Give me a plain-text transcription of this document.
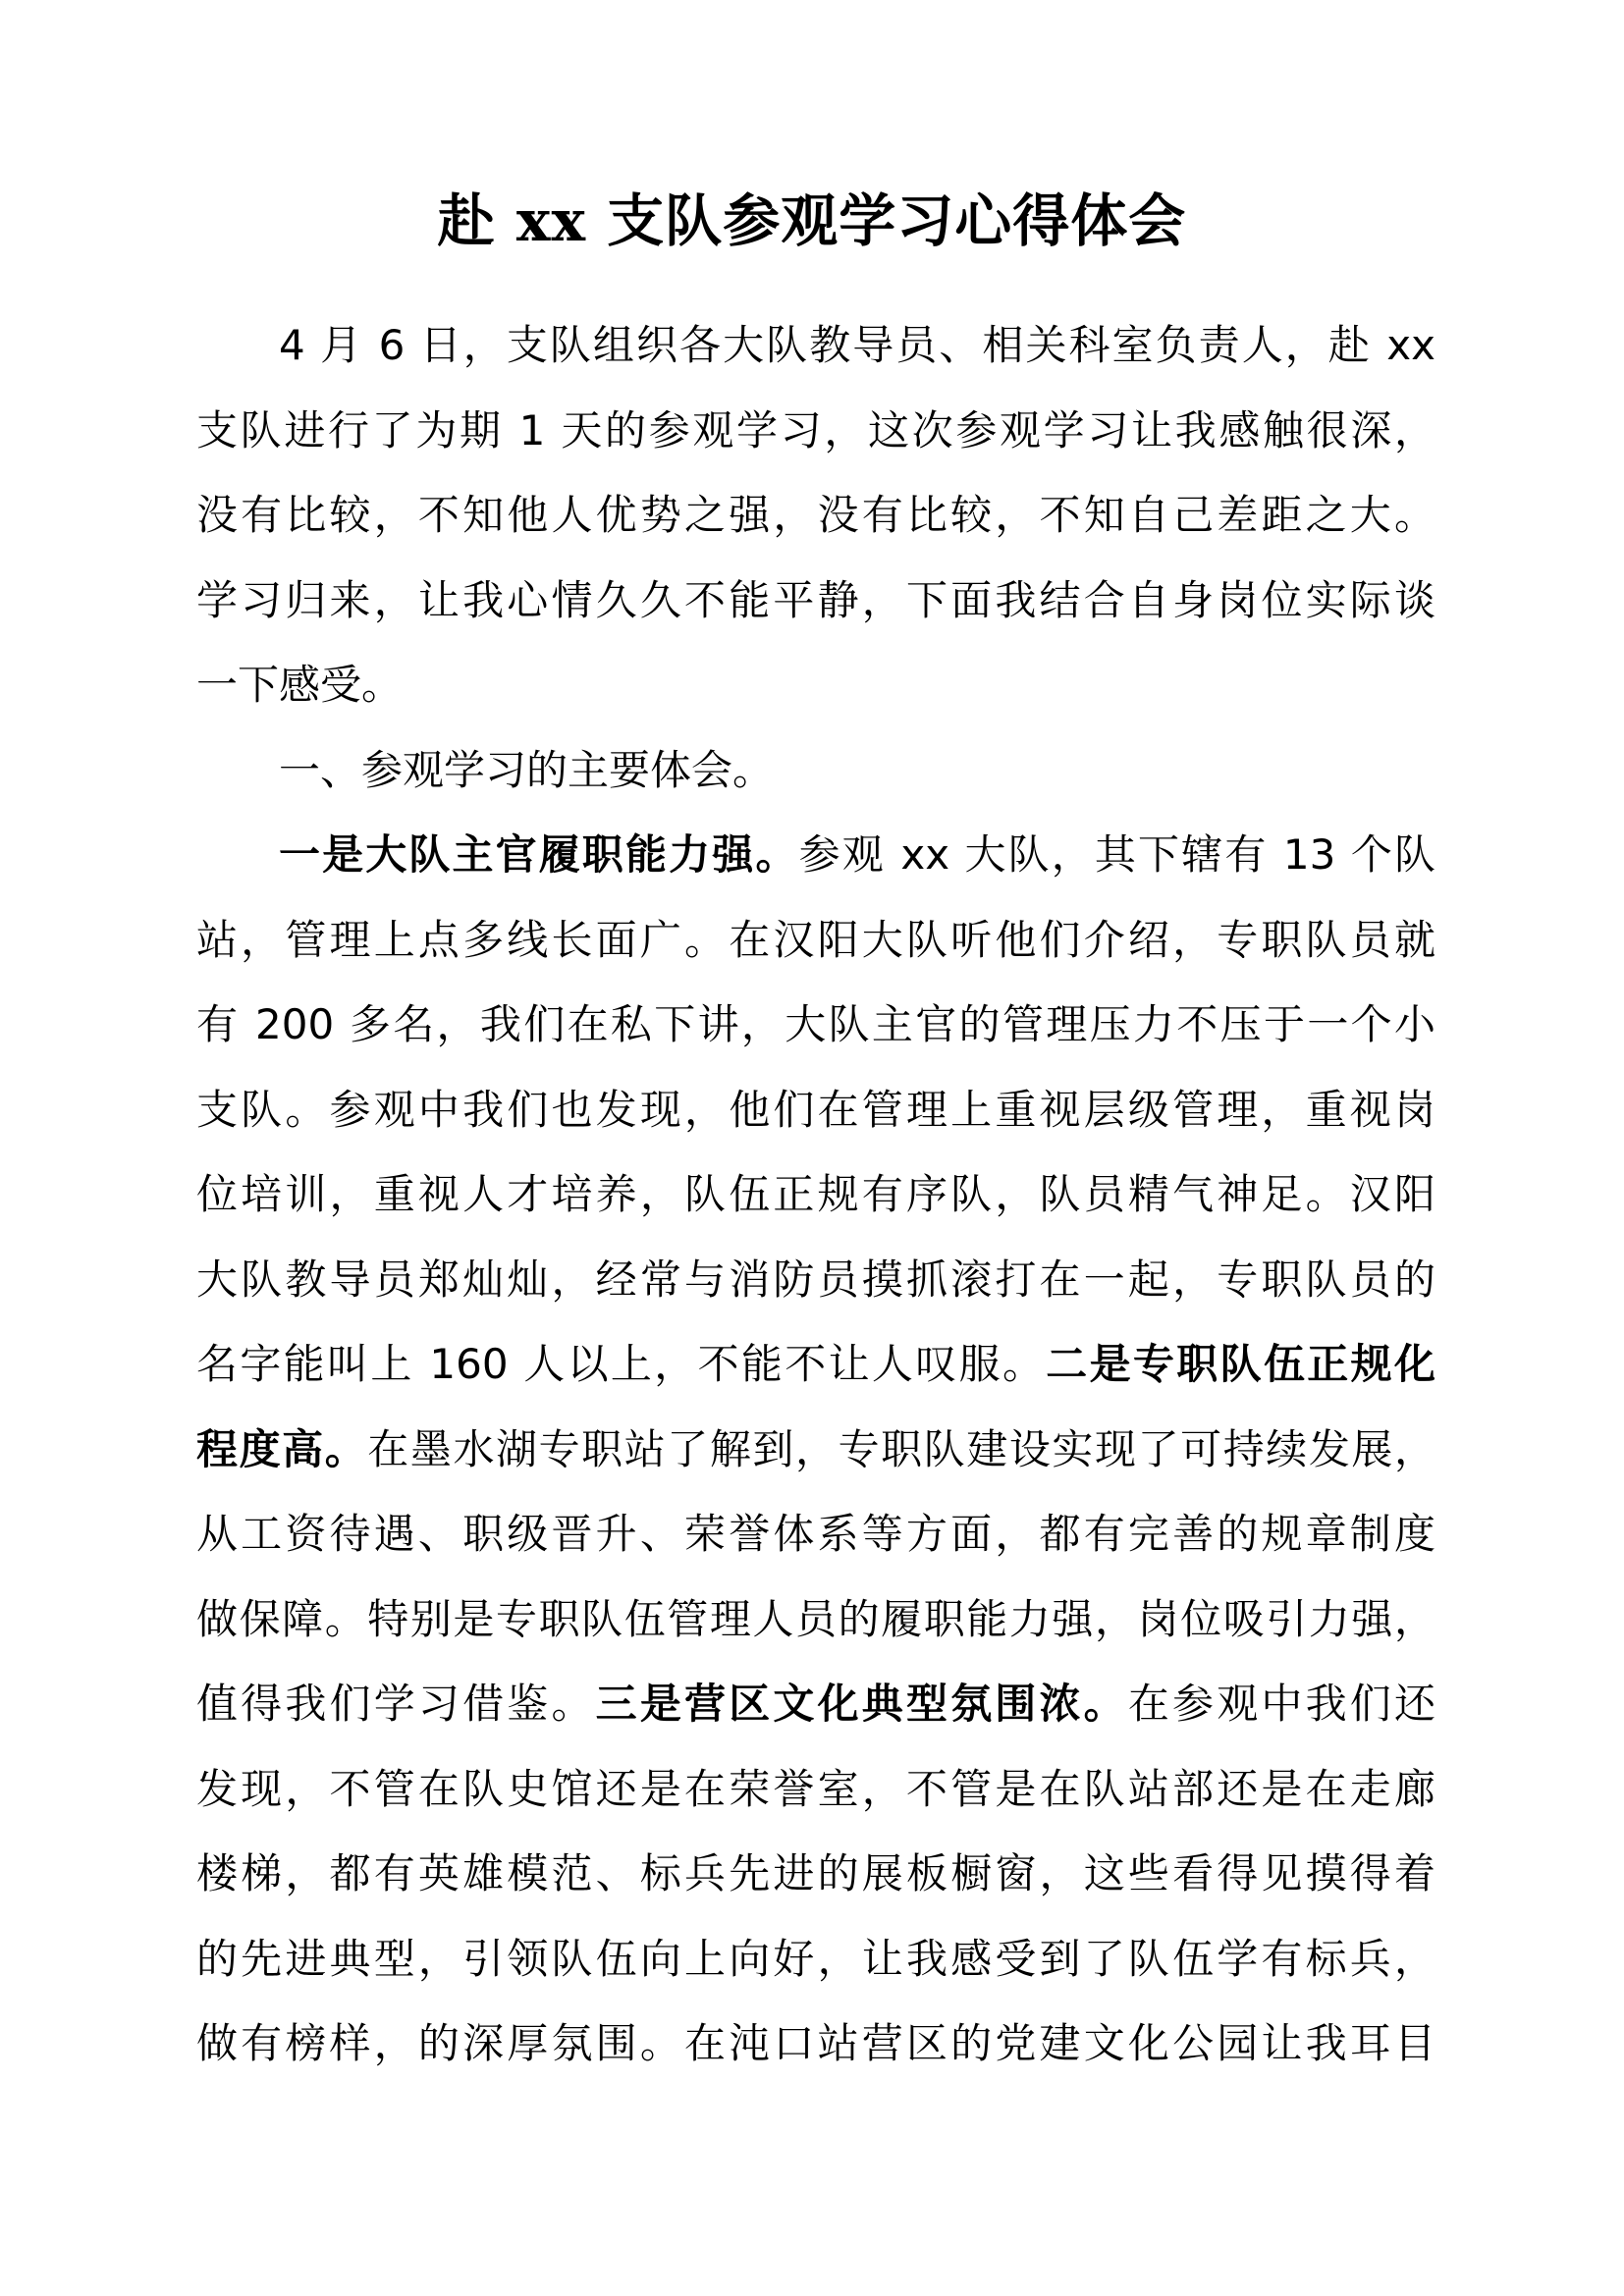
赴 xx 支队参观学习心得体会
4 月 6 日，支队组织各大队教导员、相关科室负责人，赴 xx
支队进行了为期 1 天的参观学习，这次参观学习让我感触很深，
没有比较，不知他人优势之强，没有比较，不知自己差距之大。
学习归来，让我心情久久不能平静，下面我结合自身岗位实际谈
一下感受。
一、参观学习的主要体会。
一是大队主官履职能力强。参观 xx 大队，其下辖有 13 个队
站，管理上点多线长面广。在汉阳大队听他们介绍，专职队员就
有 200 多名，我们在私下讲，大队主官的管理压力不压于一个小
支队。参观中我们也发现，他们在管理上重视层级管理，重视岗
位培训，重视人才培养，队伍正规有序队，队员精气神足。汉阳
大队教导员郑灿灿，经常与消防员摸抓滚打在一起，专职队员的
名字能叫上 160 人以上，不能不让人叹服。二是专职队伍正规化
程度高。在墨水湖专职站了解到，专职队建设实现了可持续发展，
从工资待遇、职级晋升、荣誉体系等方面，都有完善的规章制度
做保障。特别是专职队伍管理人员的履职能力强，岗位吸引力强，
值得我们学习借鉴。三是营区文化典型氛围浓。在参观中我们还
发现，不管在队史馆还是在荣誉室，不管是在队站部还是在走廊
楼梯，都有英雄模范、标兵先进的展板橱窗，这些看得见摸得着
的先进典型，引领队伍向上向好，让我感受到了队伍学有标兵，
做有榜样，的深厚氛围。在沌口站营区的党建文化公园让我耳目
